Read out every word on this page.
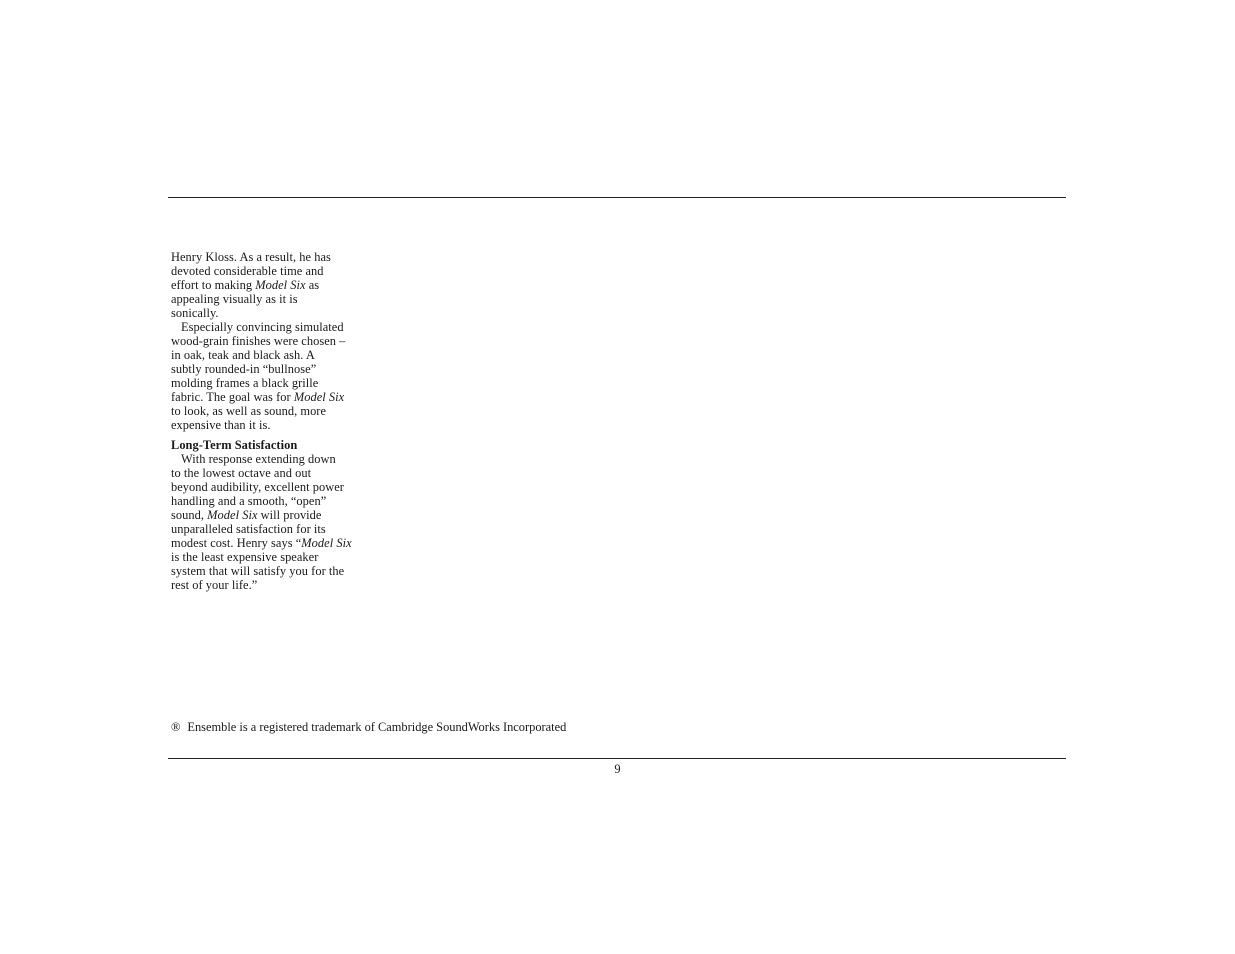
Henry Kloss. As a result, he has
devoted considerable time and
effort to making Model Six as
appealing visually as it is
sonically.
Especially convincing simulated
wood-grain finishes were chosen –
in oak, teak and black ash. A
subtly rounded-in “bullnose”
molding frames a black grille
fabric. The goal was for Model Six
to look, as well as sound, more
expensive than it is.
Long-Term Satisfaction
With response extending down
to the lowest octave and out
beyond audibility, excellent power
handling and a smooth, “open”
sound, Model Six will provide
unparalleled satisfaction for its
modest cost. Henry says “Model Six
is the least expensive speaker
system that will satisfy you for the
rest of your life.”
® Ensemble is a registered trademark of Cambridge SoundWorks Incorporated
9
